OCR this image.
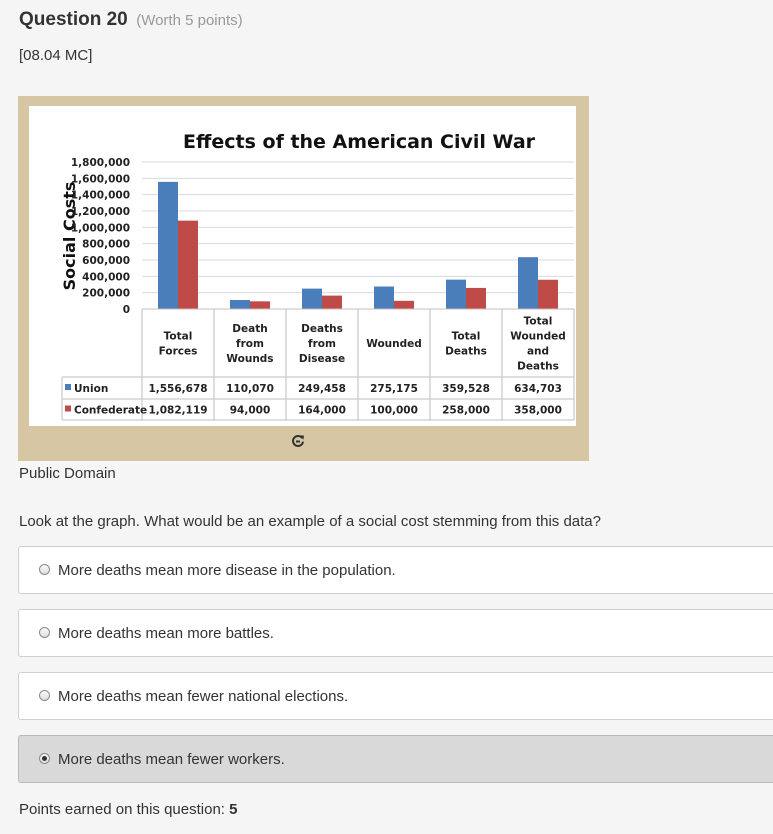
Question 20 (Worth 5 points)
[08.04 MC]
Effects of the American Civil War
Social Costs
0
200,000
400,000
600,000
800,000
1,000,000
1,200,000
1,400,000
1,600,000
1,800,000
Total
Forces
Death
from
Wounds
Deaths
from
Disease
Wounded
Total
Deaths
Total
Wounded
and
Deaths
Union	1,556,678 110,070 249,458 275,175 359,528 634,703
Confederate 1,082,119 94,000	164,000 100,000 258,000 358,000
Public Domain
Look at the graph. What would be an example of a social cost stemming from this data?
More deaths mean more disease in the population.
More deaths mean more battles.
More deaths mean fewer national elections.
More deaths mean fewer workers.
Points earned on this question: 5
